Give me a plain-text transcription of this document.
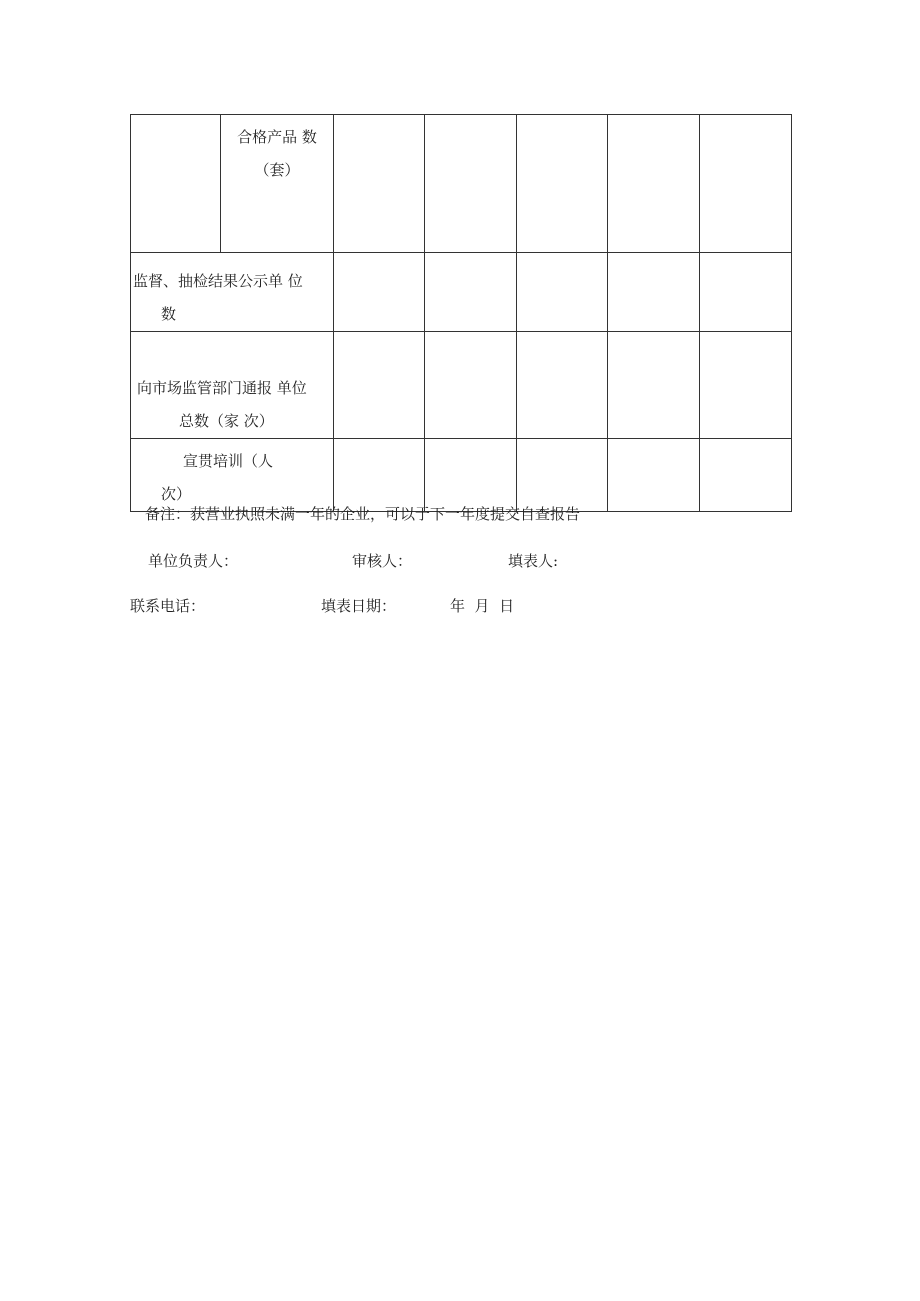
	合格产品 数
（套）					

监督、抽检结果公示单 位
数						

向市场监管部门通报 单位
总数（家 次）						

宣贯培训（人
次）						

备注：获营业执照未满一年的企业，可以于下一年度提交自查报告
单位负责人：	审核人：	填表人:
联系电话：	填表日期：	年  月  日
